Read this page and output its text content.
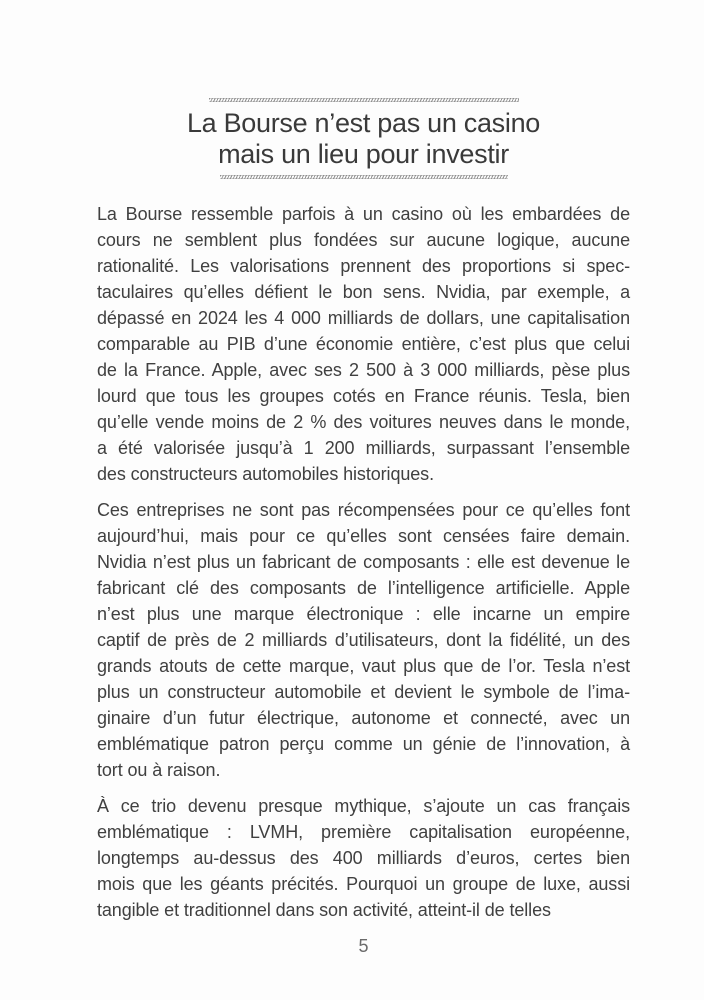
La Bourse n’est pas un casino
mais un lieu pour investir
La Bourse ressemble parfois à un casino où les embardées de
cours ne semblent plus fondées sur aucune logique, aucune
rationalité. Les valorisations prennent des proportions si spec-
taculaires qu’elles défient le bon sens. Nvidia, par exemple, a
dépassé en 2024 les 4 000 milliards de dollars, une capitalisation
comparable au PIB d’une économie entière, c’est plus que celui
de la France. Apple, avec ses 2 500 à 3 000 milliards, pèse plus
lourd que tous les groupes cotés en France réunis. Tesla, bien
qu’elle vende moins de 2 % des voitures neuves dans le monde,
a été valorisée jusqu’à 1 200 milliards, surpassant l’ensemble
des constructeurs automobiles historiques.
Ces entreprises ne sont pas récompensées pour ce qu’elles font
aujourd’hui, mais pour ce qu’elles sont censées faire demain.
Nvidia n’est plus un fabricant de composants : elle est devenue le
fabricant clé des composants de l’intelligence artificielle. Apple
n’est plus une marque électronique : elle incarne un empire
captif de près de 2 milliards d’utilisateurs, dont la fidélité, un des
grands atouts de cette marque, vaut plus que de l’or. Tesla n’est
plus un constructeur automobile et devient le symbole de l’ima-
ginaire d’un futur électrique, autonome et connecté, avec un
emblématique patron perçu comme un génie de l’innovation, à
tort ou à raison.
À ce trio devenu presque mythique, s’ajoute un cas français
emblématique : LVMH, première capitalisation européenne,
longtemps au-dessus des 400 milliards d’euros, certes bien
mois que les géants précités. Pourquoi un groupe de luxe, aussi
tangible et traditionnel dans son activité, atteint-il de telles
5
